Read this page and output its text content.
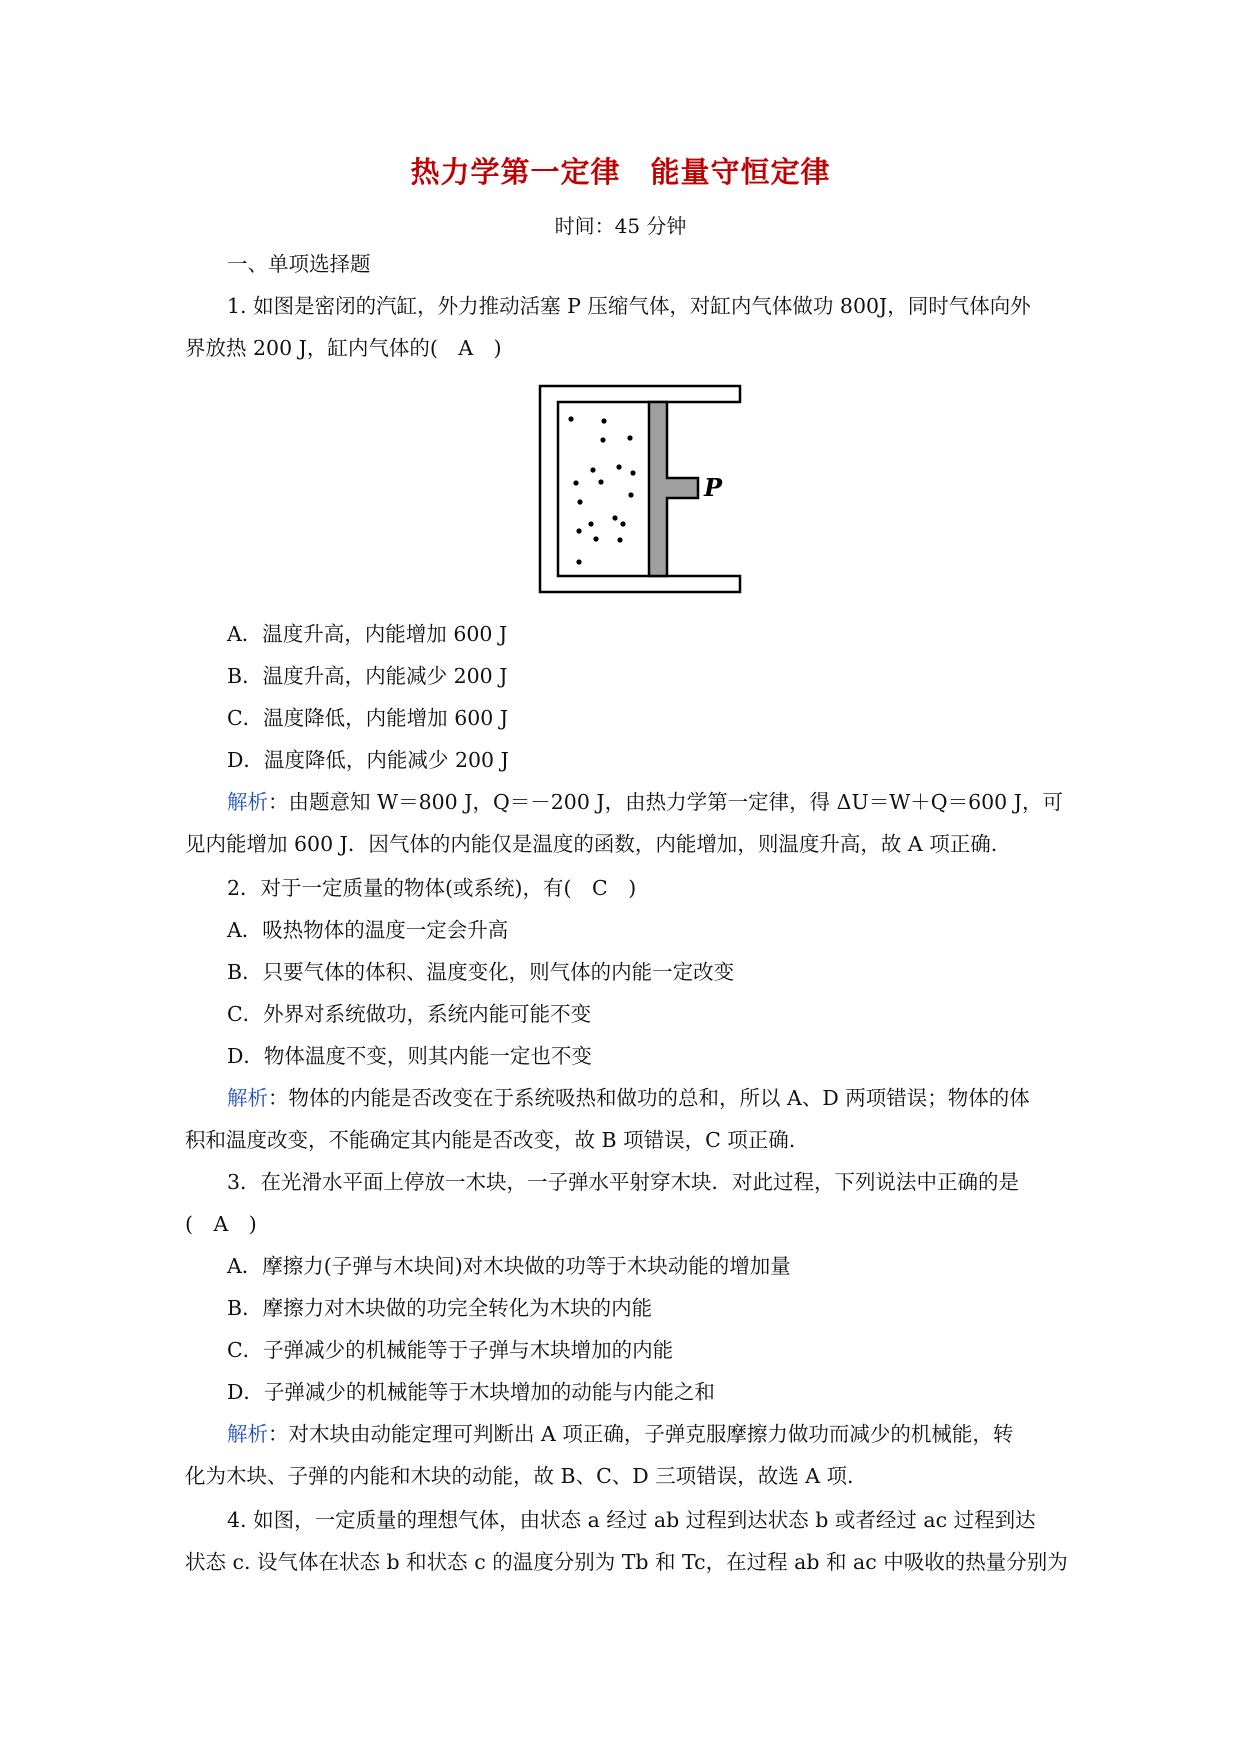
热力学第一定律　能量守恒定律
时间：45 分钟
一、单项选择题
1. 如图是密闭的汽缸，外力推动活塞 P 压缩气体，对缸内气体做功 800J，同时气体向外
界放热 200 J，缸内气体的(　A　)
P
A．温度升高，内能增加 600 J
B．温度升高，内能减少 200 J
C．温度降低，内能增加 600 J
D．温度降低，内能减少 200 J
解析：由题意知 W＝800 J，Q＝－200 J，由热力学第一定律，得 ΔU＝W＋Q＝600 J，可
见内能增加 600 J．因气体的内能仅是温度的函数，内能增加，则温度升高，故 A 项正确.
2．对于一定质量的物体(或系统)，有(　C　)
A．吸热物体的温度一定会升高
B．只要气体的体积、温度变化，则气体的内能一定改变
C．外界对系统做功，系统内能可能不变
D．物体温度不变，则其内能一定也不变
解析：物体的内能是否改变在于系统吸热和做功的总和，所以 A、D 两项错误；物体的体
积和温度改变，不能确定其内能是否改变，故 B 项错误，C 项正确.
3．在光滑水平面上停放一木块，一子弹水平射穿木块．对此过程，下列说法中正确的是
(　A　)
A．摩擦力(子弹与木块间)对木块做的功等于木块动能的增加量
B．摩擦力对木块做的功完全转化为木块的内能
C．子弹减少的机械能等于子弹与木块增加的内能
D．子弹减少的机械能等于木块增加的动能与内能之和
解析：对木块由动能定理可判断出 A 项正确，子弹克服摩擦力做功而减少的机械能，转
化为木块、子弹的内能和木块的动能，故 B、C、D 三项错误，故选 A 项.
4. 如图，一定质量的理想气体，由状态 a 经过 ab 过程到达状态 b 或者经过 ac 过程到达
状态 c. 设气体在状态 b 和状态 c 的温度分别为 Tb 和 Tc，在过程 ab 和 ac 中吸收的热量分别为
